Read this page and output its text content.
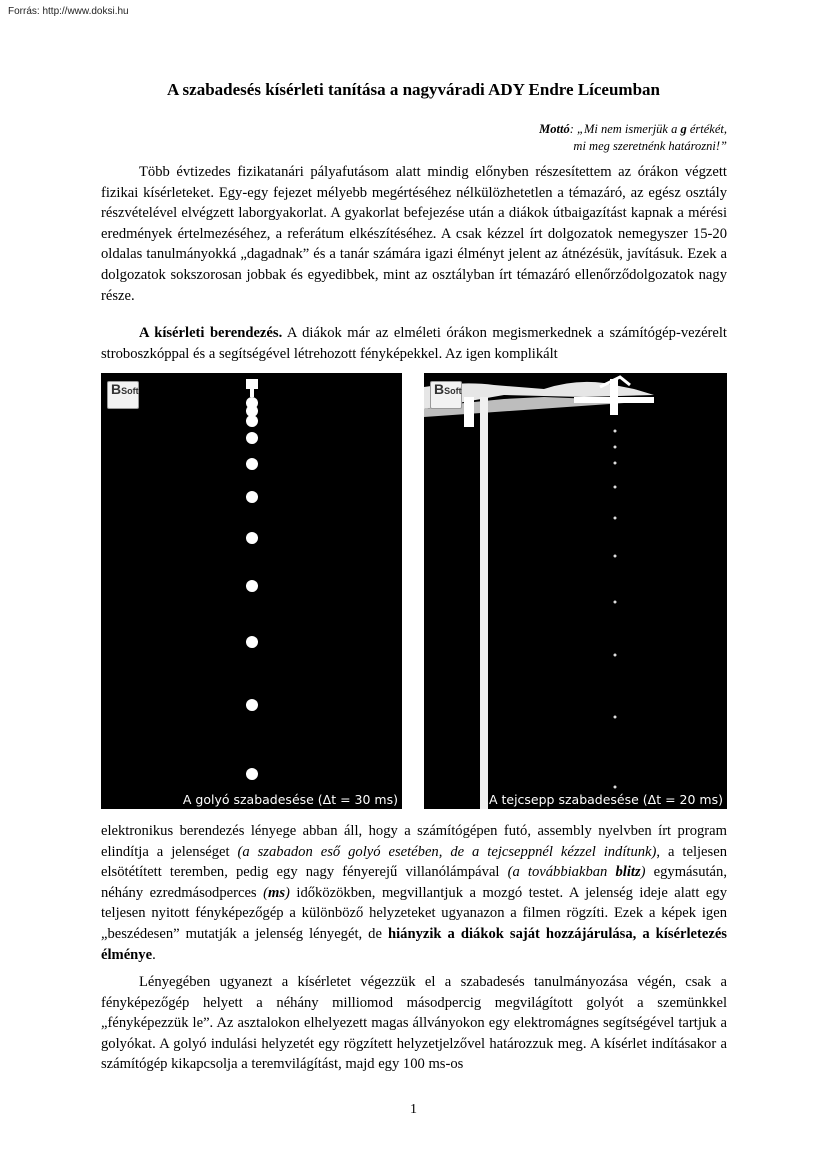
Forrás: http://www.doksi.hu
A szabadesés kísérleti tanítása a nagyváradi ADY Endre Líceumban
Mottó: „Mi nem ismerjük a g értékét,
mi meg szeretnénk határozni!”

Több évtizedes fizikatanári pályafutásom alatt mindig előnyben részesítettem az órákon végzett fizikai kísérleteket. Egy-egy fejezet mélyebb megértéséhez nélkülözhetetlen a témazáró, az egész osztály részvételével elvégzett laborgyakorlat. A gyakorlat befejezése után a diákok útbaigazítást kapnak a mérési eredmények értelmezéséhez, a referátum elkészítéséhez. A csak kézzel írt dolgozatok nemegyszer 15-20 oldalas tanulmányokká „dagadnak” és a tanár számára igazi élményt jelent az átnézésük, javításuk. Ezek a dolgozatok sokszorosan jobbak és egyedibbek, mint az osztályban írt témazáró ellenőrződolgozatok nagy része.

A kísérleti berendezés. A diákok már az elméleti órákon megismerkednek a számítógép-vezérelt stroboszkóppal és a segítségével létrehozott fényképekkel. Az igen komplikált

BSoft
A golyó szabadesése (Δt = 30 ms)
BSoft
A tejcsepp szabadesése (Δt = 20 ms)

elektronikus berendezés lényege abban áll, hogy a számítógépen futó, assembly nyelvben írt program elindítja a jelenséget (a szabadon eső golyó esetében, de a tejcseppnél kézzel indítunk), a teljesen elsötétített teremben, pedig egy nagy fényerejű villanólámpával (a továbbiakban blitz) egymásután, néhány ezredmásodperces (ms) időközökben, megvillantjuk a mozgó testet. A jelenség ideje alatt egy teljesen nyitott fényképezőgép a különböző helyzeteket ugyanazon a filmen rögzíti. Ezek a képek igen „beszédesen” mutatják a jelenség lényegét, de hiányzik a diákok saját hozzájárulása, a kísérletezés élménye.

Lényegében ugyanezt a kísérletet végezzük el a szabadesés tanulmányozása végén, csak a fényképezőgép helyett a néhány milliomod másodpercig megvilágított golyót a szemünkkel „fényképezzük le”. Az asztalokon elhelyezett magas állványokon egy elektromágnes segítségével tartjuk a golyókat. A golyó indulási helyzetét egy rögzített helyzetjelzővel határozzuk meg. A kísérlet indításakor a számítógép kikapcsolja a teremvilágítást, majd egy 100 ms-os

1
